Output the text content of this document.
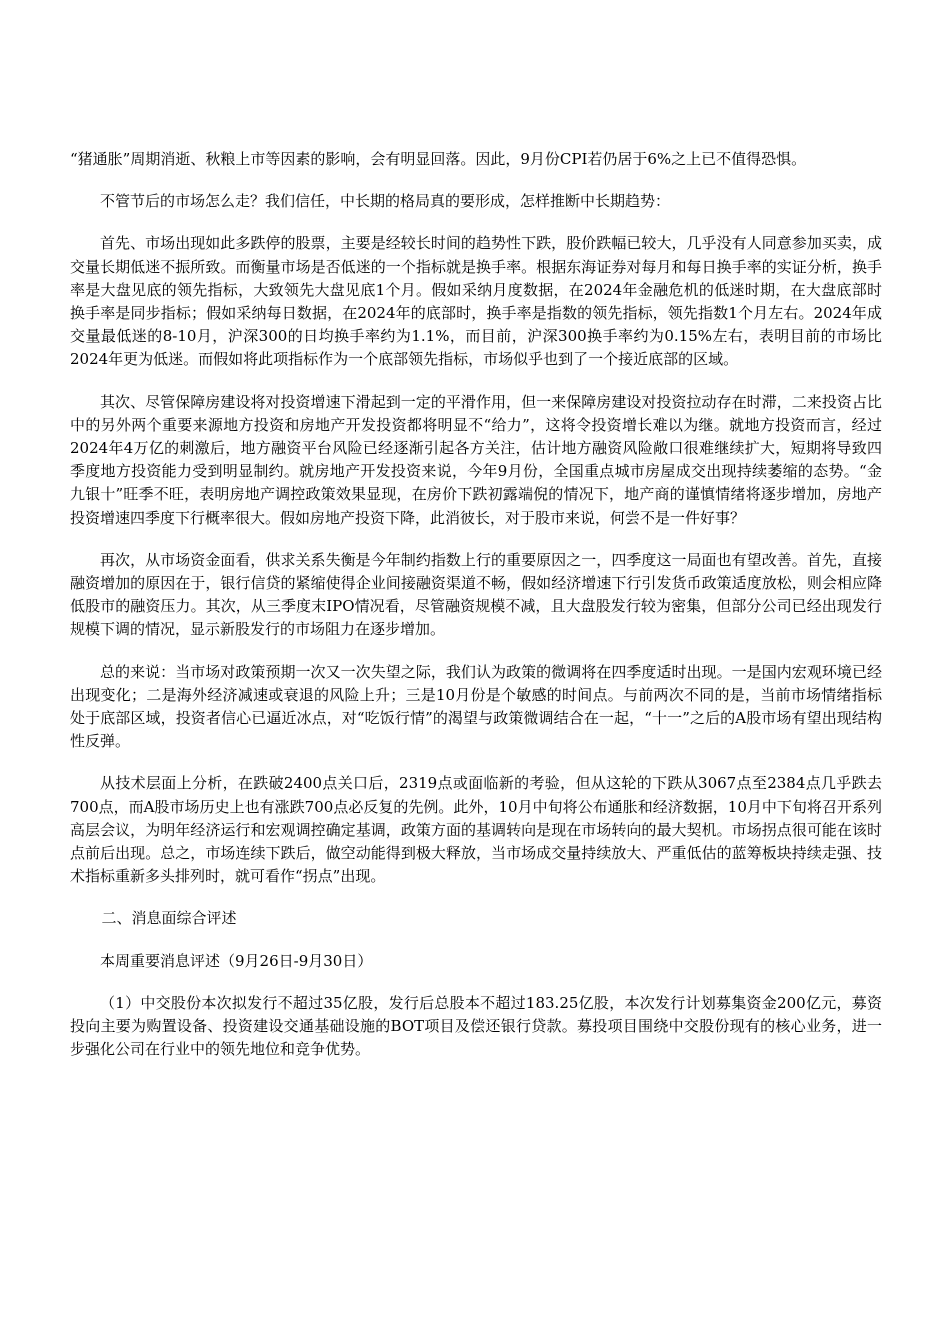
“猪通胀”周期消逝、秋粮上市等因素的影响，会有明显回落。因此，9月份CPI若仍居于6%之上已不值得恐惧。

不管节后的市场怎么走？我们信任，中长期的格局真的要形成，怎样推断中长期趋势：

首先、市场出现如此多跌停的股票，主要是经较长时间的趋势性下跌，股价跌幅已较大，几乎没有人同意参加买卖，成交量长期低迷不振所致。而衡量市场是否低迷的一个指标就是换手率。根据东海证券对每月和每日换手率的实证分析，换手率是大盘见底的领先指标，大致领先大盘见底1个月。假如采纳月度数据，在2024年金融危机的低迷时期，在大盘底部时换手率是同步指标；假如采纳每日数据，在2024年的底部时，换手率是指数的领先指标，领先指数1个月左右。2024年成交量最低迷的8-10月，沪深300的日均换手率约为1.1%，而目前，沪深300换手率约为0.15%左右，表明目前的市场比2024年更为低迷。而假如将此项指标作为一个底部领先指标，市场似乎也到了一个接近底部的区域。

其次、尽管保障房建设将对投资增速下滑起到一定的平滑作用，但一来保障房建设对投资拉动存在时滞，二来投资占比中的另外两个重要来源地方投资和房地产开发投资都将明显不“给力”，这将令投资增长难以为继。就地方投资而言，经过2024年4万亿的刺激后，地方融资平台风险已经逐渐引起各方关注，估计地方融资风险敞口很难继续扩大，短期将导致四季度地方投资能力受到明显制约。就房地产开发投资来说，今年9月份，全国重点城市房屋成交出现持续萎缩的态势。“金九银十”旺季不旺，表明房地产调控政策效果显现，在房价下跌初露端倪的情况下，地产商的谨慎情绪将逐步增加，房地产投资增速四季度下行概率很大。假如房地产投资下降，此消彼长，对于股市来说，何尝不是一件好事？

再次，从市场资金面看，供求关系失衡是今年制约指数上行的重要原因之一，四季度这一局面也有望改善。首先，直接融资增加的原因在于，银行信贷的紧缩使得企业间接融资渠道不畅，假如经济增速下行引发货币政策适度放松，则会相应降低股市的融资压力。其次，从三季度末IPO情况看，尽管融资规模不减，且大盘股发行较为密集，但部分公司已经出现发行规模下调的情况，显示新股发行的市场阻力在逐步增加。

总的来说：当市场对政策预期一次又一次失望之际，我们认为政策的微调将在四季度适时出现。一是国内宏观环境已经出现变化；二是海外经济减速或衰退的风险上升；三是10月份是个敏感的时间点。与前两次不同的是，当前市场情绪指标处于底部区域，投资者信心已逼近冰点，对“吃饭行情”的渴望与政策微调结合在一起，“十一”之后的A股市场有望出现结构性反弹。

从技术层面上分析，在跌破2400点关口后，2319点或面临新的考验，但从这轮的下跌从3067点至2384点几乎跌去700点，而A股市场历史上也有涨跌700点必反复的先例。此外，10月中旬将公布通胀和经济数据，10月中下旬将召开系列高层会议，为明年经济运行和宏观调控确定基调，政策方面的基调转向是现在市场转向的最大契机。市场拐点很可能在该时点前后出现。总之，市场连续下跌后，做空动能得到极大释放，当市场成交量持续放大、严重低估的蓝筹板块持续走强、技术指标重新多头排列时，就可看作“拐点”出现。

二、消息面综合评述

本周重要消息评述（9月26日-9月30日）

（1）中交股份本次拟发行不超过35亿股，发行后总股本不超过183.25亿股，本次发行计划募集资金200亿元，募资投向主要为购置设备、投资建设交通基础设施的BOT项目及偿还银行贷款。募投项目围绕中交股份现有的核心业务，进一步强化公司在行业中的领先地位和竞争优势。
